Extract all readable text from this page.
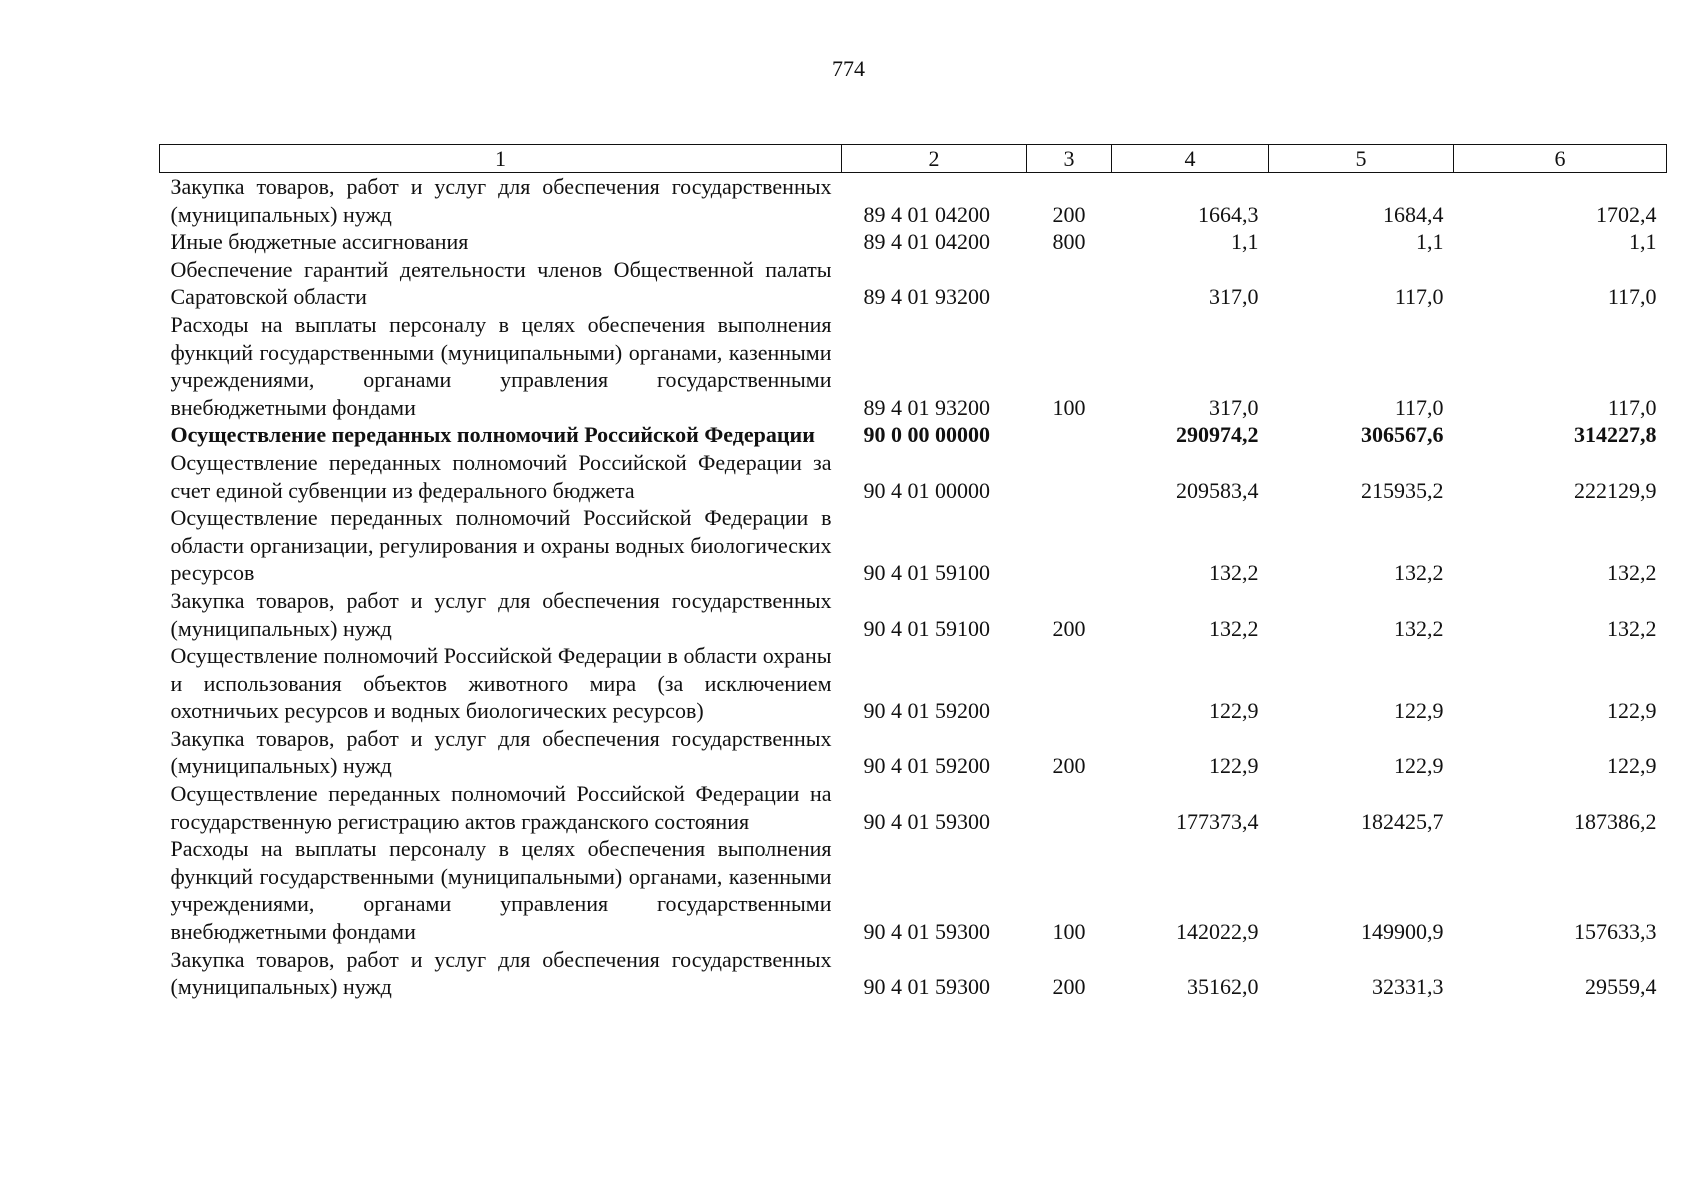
774
1	2	3	4	5	6
Закупка товаров, работ и услуг для обеспечения государственных (муниципальных) нужд	89 4 01 04200	200	1664,3	1684,4	1702,4
Иные бюджетные ассигнования	89 4 01 04200	800	1,1	1,1	1,1
Обеспечение гарантий деятельности членов Общественной палаты Саратовской области	89 4 01 93200		317,0	117,0	117,0
Расходы на выплаты персоналу в целях обеспечения выполнения функций государственными (муниципальными) органами, казенными учреждениями, органами управления государственными внебюджетными фондами	89 4 01 93200	100	317,0	117,0	117,0
Осуществление переданных полномочий Российской Федерации	90 0 00 00000		290974,2	306567,6	314227,8
Осуществление переданных полномочий Российской Федерации за счет единой субвенции из федерального бюджета	90 4 01 00000		209583,4	215935,2	222129,9
Осуществление переданных полномочий Российской Федерации в области организации, регулирования и охраны водных биологических ресурсов	90 4 01 59100		132,2	132,2	132,2
Закупка товаров, работ и услуг для обеспечения государственных (муниципальных) нужд	90 4 01 59100	200	132,2	132,2	132,2
Осуществление полномочий Российской Федерации в области охраны и использования объектов животного мира (за исключением охотничьих ресурсов и водных биологических ресурсов)	90 4 01 59200		122,9	122,9	122,9
Закупка товаров, работ и услуг для обеспечения государственных (муниципальных) нужд	90 4 01 59200	200	122,9	122,9	122,9
Осуществление переданных полномочий Российской Федерации на государственную регистрацию актов гражданского состояния	90 4 01 59300		177373,4	182425,7	187386,2
Расходы на выплаты персоналу в целях обеспечения выполнения функций государственными (муниципальными) органами, казенными учреждениями, органами управления государственными внебюджетными фондами	90 4 01 59300	100	142022,9	149900,9	157633,3
Закупка товаров, работ и услуг для обеспечения государственных (муниципальных) нужд	90 4 01 59300	200	35162,0	32331,3	29559,4
